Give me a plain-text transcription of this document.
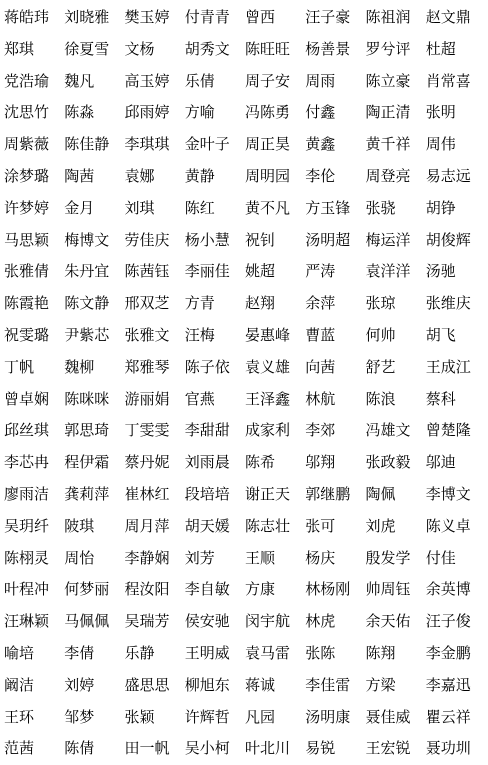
蒋皓玮	刘晓雅	樊玉婷	付青青	曾西	汪子豪	陈祖润	赵文鼎
郑琪	徐夏雪	文杨	胡秀文	陈旺旺	杨善景	罗兮评	杜超
党浩瑜	魏凡	高玉婷	乐倩	周子安	周雨	陈立豪	肖常喜
沈思竹	陈淼	邱雨婷	方喻	冯陈勇	付鑫	陶正清	张明
周紫薇	陈佳静	李琪琪	金叶子	周正昊	黄鑫	黄千祥	周伟
涂梦璐	陶茜	袁娜	黄静	周明园	李伦	周登亮	易志远
许梦婷	金月	刘琪	陈红	黄不凡	方玉锋	张骁	胡铮
马思颖	梅博文	劳佳庆	杨小慧	祝钊	汤明超	梅运洋	胡俊辉
张雅倩	朱丹宜	陈茜钰	李丽佳	姚超	严涛	袁洋洋	汤驰
陈霞艳	陈文静	邢双芝	方青	赵翔	余萍	张琼	张维庆
祝雯璐	尹紫芯	张雅文	汪梅	晏惠峰	曹蓝	何帅	胡飞
丁帆	魏柳	郑雅琴	陈子依	袁义雄	向茜	舒艺	王成江
曾卓娴	陈咪咪	游丽娟	官燕	王泽鑫	林航	陈浪	蔡科
邱丝琪	郭思琦	丁雯雯	李甜甜	成家利	李郊	冯雄文	曾楚隆
李芯冉	程伊霜	蔡丹妮	刘雨晨	陈希	邬翔	张政毅	邬迪
廖雨洁	龚莉萍	崔林红	段培培	谢正天	郭继鹏	陶佩	李博文
吴玥纤	陂琪	周月萍	胡天媛	陈志壮	张可	刘虎	陈义卓
陈栩灵	周怡	李静娴	刘芳	王顺	杨庆	殷发学	付佳
叶程冲	何梦丽	程汝阳	李自敏	方康	林杨刚	帅周钰	余英博
汪琳颖	马佩佩	吴瑞芳	侯安驰	闵宇航	林虎	余天佑	汪子俊
喻培	李倩	乐静	王明威	袁马雷	张陈	陈翔	李金鹏
阚洁	刘婷	盛思思	柳旭东	蒋诚	李佳雷	方梁	李嘉迅
王环	邹梦	张颖	许辉哲	凡园	汤明康	聂佳威	瞿云祥
范茜	陈倩	田一帆	吴小柯	叶北川	易锐	王宏锐	聂功圳
